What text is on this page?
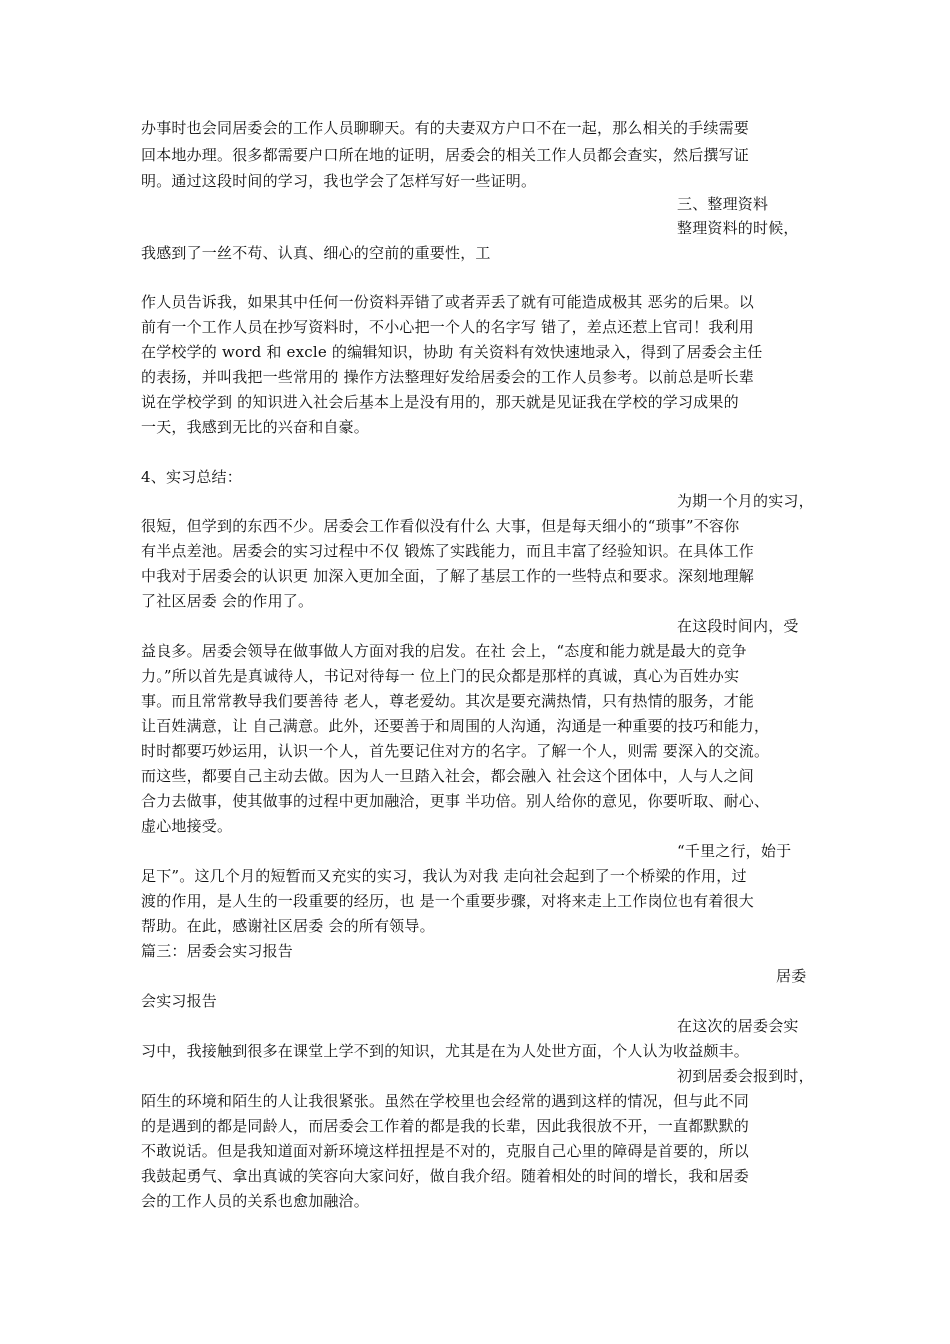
办事时也会同居委会的工作人员聊聊天。有的夫妻双方户口不在一起，那么相关的手续需要
回本地办理。很多都需要户口所在地的证明，居委会的相关工作人员都会查实，然后撰写证
明。通过这段时间的学习，我也学会了怎样写好一些证明。
三、整理资料
整理资料的时候，
我感到了一丝不苟、认真、细心的空前的重要性，工
作人员告诉我，如果其中任何一份资料弄错了或者弄丢了就有可能造成极其 恶劣的后果。以
前有一个工作人员在抄写资料时，不小心把一个人的名字写 错了，差点还惹上官司！我利用
在学校学的 word 和 excle 的编辑知识，协助 有关资料有效快速地录入，得到了居委会主任
的表扬，并叫我把一些常用的 操作方法整理好发给居委会的工作人员参考。以前总是听长辈
说在学校学到 的知识进入社会后基本上是没有用的，那天就是见证我在学校的学习成果的
一天，我感到无比的兴奋和自豪。
4、实习总结：
为期一个月的实习，
很短，但学到的东西不少。居委会工作看似没有什么 大事，但是每天细小的“琐事”不容你
有半点差池。居委会的实习过程中不仅 锻炼了实践能力，而且丰富了经验知识。在具体工作
中我对于居委会的认识更 加深入更加全面，了解了基层工作的一些特点和要求。深刻地理解
了社区居委 会的作用了。
在这段时间内，受
益良多。居委会领导在做事做人方面对我的启发。在社 会上，“态度和能力就是最大的竞争
力。”所以首先是真诚待人，书记对待每一 位上门的民众都是那样的真诚，真心为百姓办实
事。而且常常教导我们要善待 老人，尊老爱幼。其次是要充满热情，只有热情的服务，才能
让百姓满意，让 自己满意。此外，还要善于和周围的人沟通，沟通是一种重要的技巧和能力，
时时都要巧妙运用，认识一个人，首先要记住对方的名字。了解一个人，则需 要深入的交流。
而这些，都要自己主动去做。因为人一旦踏入社会，都会融入 社会这个团体中，人与人之间
合力去做事，使其做事的过程中更加融洽，更事 半功倍。别人给你的意见，你要听取、耐心、
虚心地接受。
“千里之行，始于
足下”。这几个月的短暂而又充实的实习，我认为对我 走向社会起到了一个桥梁的作用，过
渡的作用，是人生的一段重要的经历，也 是一个重要步骤，对将来走上工作岗位也有着很大
帮助。在此，感谢社区居委 会的所有领导。
篇三：居委会实习报告
居委
会实习报告
在这次的居委会实
习中，我接触到很多在课堂上学不到的知识，尤其是在为人处世方面，个人认为收益颇丰。
初到居委会报到时，
陌生的环境和陌生的人让我很紧张。虽然在学校里也会经常的遇到这样的情况，但与此不同
的是遇到的都是同龄人，而居委会工作着的都是我的长辈，因此我很放不开，一直都默默的
不敢说话。但是我知道面对新环境这样扭捏是不对的，克服自己心里的障碍是首要的，所以
我鼓起勇气、拿出真诚的笑容向大家问好，做自我介绍。随着相处的时间的增长，我和居委
会的工作人员的关系也愈加融洽。
